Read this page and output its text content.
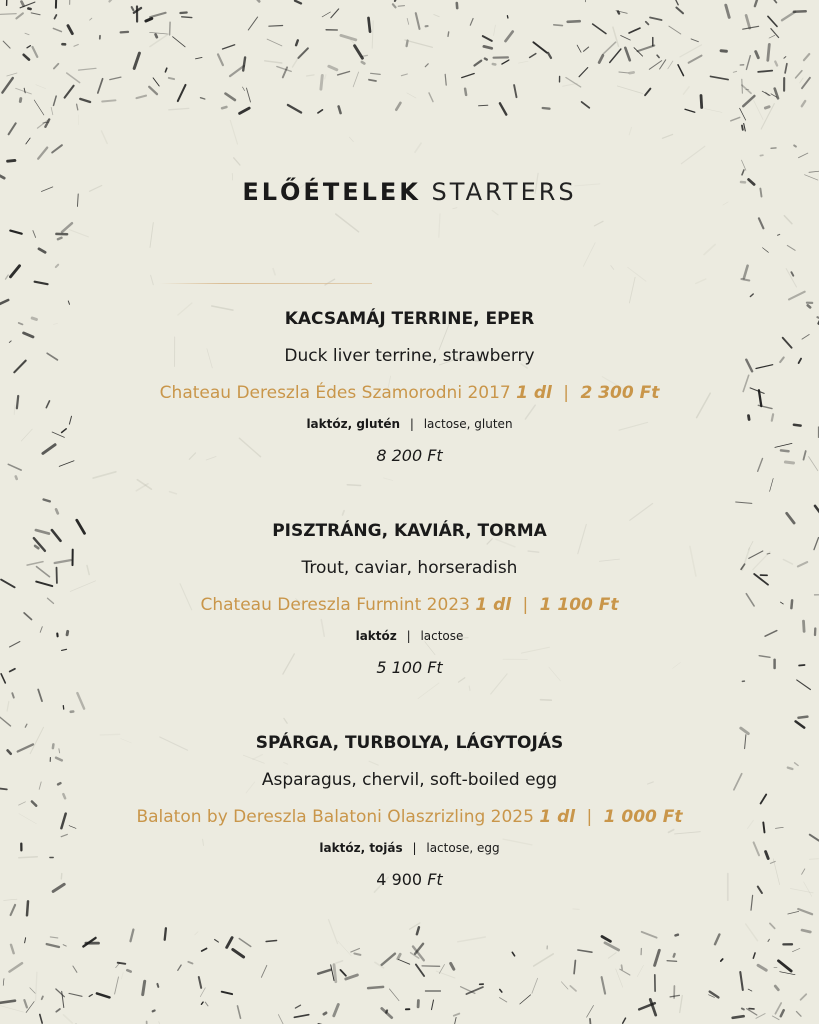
ELŐÉTELEK STARTERS
KACSAMÁJ TERRINE, EPER
Duck liver terrine, strawberry
Chateau Dereszla Édes Szamorodni 2017 1 dl | 2 300 Ft
laktóz, glutén | lactose, gluten
8 200 Ft
PISZTRÁNG, KAVIÁR, TORMA
Trout, caviar, horseradish
Chateau Dereszla Furmint 2023 1 dl | 1 100 Ft
laktóz | lactose
5 100 Ft
SPÁRGA, TURBOLYA, LÁGYTOJÁS
Asparagus, chervil, soft-boiled egg
Balaton by Dereszla Balatoni Olaszrizling 2025 1 dl | 1 000 Ft
laktóz, tojás | lactose, egg
4 900 Ft
